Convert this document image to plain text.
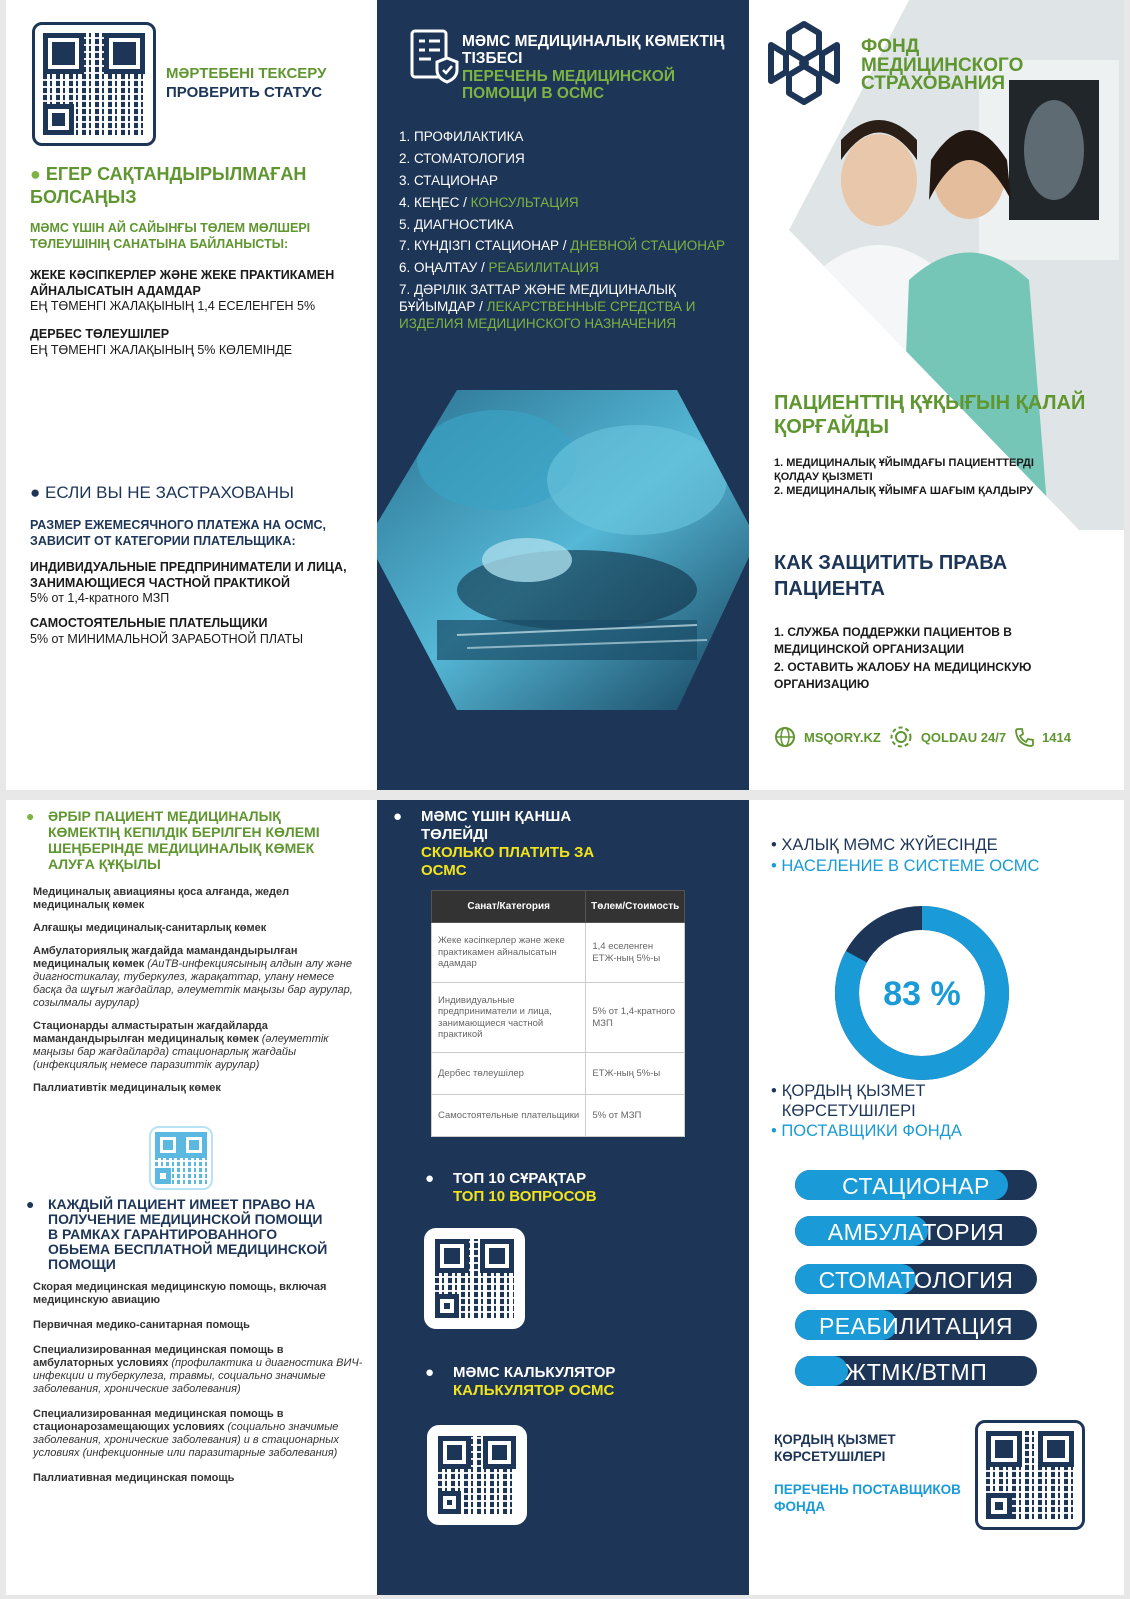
МӘРТЕБЕНІ ТЕКСЕРУ
ПРОВЕРИТЬ СТАТУС
● ЕГЕР САҚТАНДЫРЫЛМАҒАН БОЛСАҢЫЗ
МӘМС ҮШІН АЙ САЙЫНҒЫ ТӨЛЕМ МӨЛШЕРІ ТӨЛЕУШІНІҢ САНАТЫНА БАЙЛАНЫСТЫ:
ЖЕКЕ КӘСІПКЕРЛЕР ЖӘНЕ ЖЕКЕ ПРАКТИКАМЕН АЙНАЛЫСАТЫН АДАМДАР
ЕҢ ТӨМЕНГІ ЖАЛАҚЫНЫҢ 1,4 ЕСЕЛЕНГЕН 5%
ДЕРБЕС ТӨЛЕУШІЛЕР
ЕҢ ТӨМЕНГІ ЖАЛАҚЫНЫҢ 5% КӨЛЕМІНДЕ
● ЕСЛИ ВЫ НЕ ЗАСТРАХОВАНЫ
РАЗМЕР ЕЖЕМЕСЯЧНОГО ПЛАТЕЖА НА ОСМС, ЗАВИСИТ ОТ КАТЕГОРИИ ПЛАТЕЛЬЩИКА:
ИНДИВИДУАЛЬНЫЕ ПРЕДПРИНИМАТЕЛИ И ЛИЦА, ЗАНИМАЮЩИЕСЯ ЧАСТНОЙ ПРАКТИКОЙ
5% от 1,4-кратного МЗП
САМОСТОЯТЕЛЬНЫЕ ПЛАТЕЛЬЩИКИ
5% от МИНИМАЛЬНОЙ ЗАРАБОТНОЙ ПЛАТЫ
МӘМС МЕДИЦИНАЛЫҚ КӨМЕКТІҢ ТІЗБЕСІ
ПЕРЕЧЕНЬ МЕДИЦИНСКОЙ ПОМОЩИ В ОСМС
1. ПРОФИЛАКТИКА
2. СТОМАТОЛОГИЯ
3. СТАЦИОНАР
4. КЕҢЕС / КОНСУЛЬТАЦИЯ
5. ДИАГНОСТИКА
7. КҮНДІЗГІ СТАЦИОНАР / ДНЕВНОЙ СТАЦИОНАР
6. ОҢАЛТАУ / РЕАБИЛИТАЦИЯ
7. ДӘРІЛІК ЗАТТАР ЖӘНЕ МЕДИЦИНАЛЫҚ БҰЙЫМДАР / ЛЕКАРСТВЕННЫЕ СРЕДСТВА И ИЗДЕЛИЯ МЕДИЦИНСКОГО НАЗНАЧЕНИЯ
ФОНД МЕДИЦИНСКОГО СТРАХОВАНИЯ
ПАЦИЕНТТІҢ ҚҰҚЫҒЫН ҚАЛАЙ ҚОРҒАЙДЫ
1. МЕДИЦИНАЛЫҚ ҰЙЫМДАҒЫ ПАЦИЕНТТЕРДІ ҚОЛДАУ ҚЫЗМЕТІ
2. МЕДИЦИНАЛЫҚ ҰЙЫМҒА ШАҒЫМ ҚАЛДЫРУ
КАК ЗАЩИТИТЬ ПРАВА ПАЦИЕНТА
1. СЛУЖБА ПОДДЕРЖКИ ПАЦИЕНТОВ В МЕДИЦИНСКОЙ ОРГАНИЗАЦИИ
2. ОСТАВИТЬ ЖАЛОБУ НА МЕДИЦИНСКУЮ ОРГАНИЗАЦИЮ
MSQORY.KZ	QOLDAU 24/7	1414
● ӘРБІР ПАЦИЕНТ МЕДИЦИНАЛЫҚ КӨМЕКТІҢ КЕПІЛДІК БЕРІЛГЕН КӨЛЕМІ ШЕҢБЕРІНДЕ МЕДИЦИНАЛЫҚ КӨМЕК АЛУҒА ҚҰҚЫЛЫ
Медициналық авиацияны қоса алғанда, жедел медициналық көмек
Алғашқы медициналық-санитарлық көмек
Амбулаториялық жағдайда мамандандырылған медициналық көмек (АиТВ-инфекциясының алдын алу және диагностикалау, туберкулез, жарақаттар, улану немесе басқа да шұғыл жағдайлар, әлеуметтік маңызы бар аурулар, созылмалы аурулар)
Стационарды алмастыратын жағдайларда мамандандырылған медициналық көмек (әлеуметтік маңызы бар жағдайларда) стационарлық жағдайы (инфекциялық немесе паразиттік аурулар)
Паллиативтік медициналық көмек
● КАЖДЫЙ ПАЦИЕНТ ИМЕЕТ ПРАВО НА ПОЛУЧЕНИЕ МЕДИЦИНСКОЙ ПОМОЩИ В РАМКАХ ГАРАНТИРОВАННОГО ОБЬЕМА БЕСПЛАТНОЙ МЕДИЦИНСКОЙ ПОМОЩИ
Скорая медицинская медицинскую помощь, включая медицинскую авиацию
Первичная медико-санитарная помощь
Специализированная медицинская помощь в амбулаторных условиях (профилактика и диагностика ВИЧ- инфекции и туберкулеза, травмы, социально значимые заболевания, хронические заболевания)
Специализированная медицинская помощь в стационарозамещающих условиях (социально значимые заболевания, хронические заболевания) и в стационарных условиях (инфекционные или паразитарные заболевания)
Паллиативная медицинская помощь
● МӘМС ҮШІН ҚАНША ТӨЛЕЙДІ
СКОЛЬКО ПЛАТИТЬ ЗА ОСМС
Санат/Категория	Төлем/Стоимость
Жеке кәсіпкерлер және жеке практикамен айналысатын адамдар	1,4 еселенген ЕТЖ-ның 5%-ы
Индивидуальные предприниматели и лица, занимающиеся частной практикой	5% от 1,4-кратного МЗП
Дербес төлеушілер	ЕТЖ-ның 5%-ы
Самостоятельные плательщики	5% от МЗП
● ТОП 10 СҰРАҚТАР
ТОП 10 ВОПРОСОВ
● МӘМС КАЛЬКУЛЯТОР
КАЛЬКУЛЯТОР ОСМС
• ХАЛЫҚ МӘМС ЖҮЙЕСІНДЕ
• НАСЕЛЕНИЕ В СИСТЕМЕ ОСМС
83 %
• ҚОРДЫҢ ҚЫЗМЕТ КӨРСЕТУШІЛЕРІ
• ПОСТАВЩИКИ ФОНДА
СТАЦИОНАР
АМБУЛАТОРИЯ
СТОМАТОЛОГИЯ
РЕАБИЛИТАЦИЯ
ЖТМК/ВТМП
ҚОРДЫҢ ҚЫЗМЕТ КӨРСЕТУШІЛЕРІ
ПЕРЕЧЕНЬ ПОСТАВЩИКОВ ФОНДА
